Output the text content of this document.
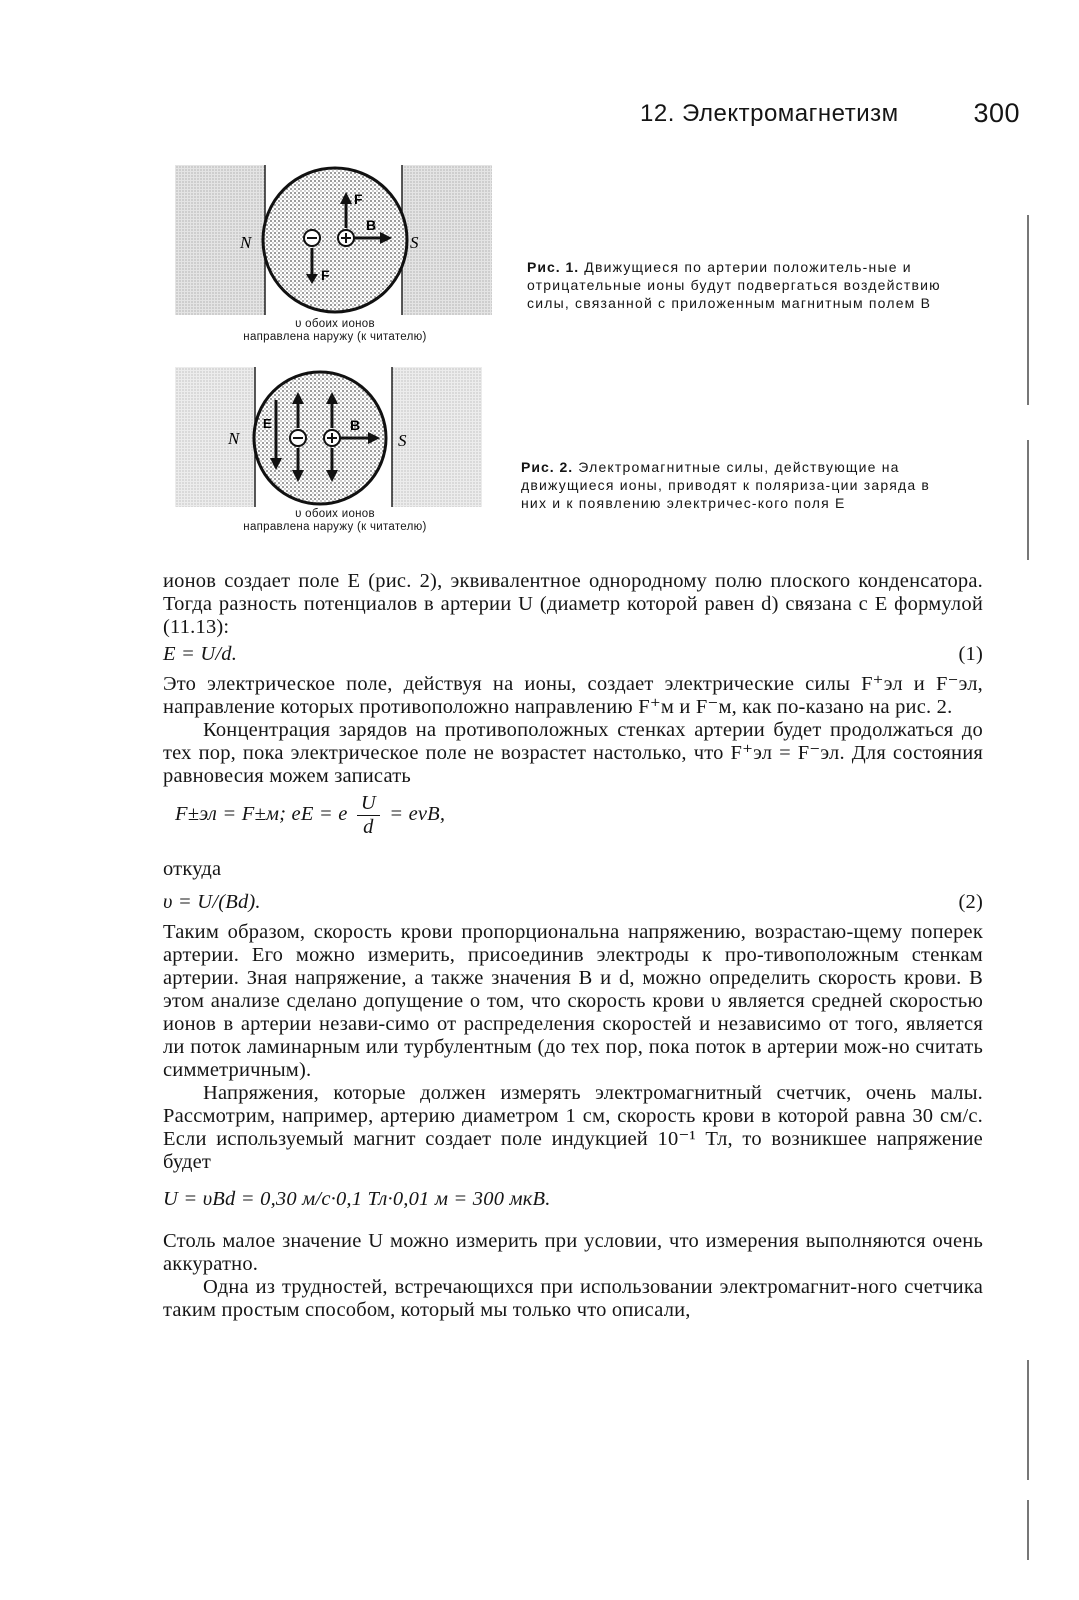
12. Электромагнетизм	300
N	S
F
F
B
υ обоих ионов
направлена наружу (к читателю)
Рис. 1. Движущиеся по артерии положитель-ные и отрицательные ионы будут подвергаться воздействию силы, связанной с приложенным магнитным полем B
N	S
E	B
υ обоих ионов
направлена наружу (к читателю)
Рис. 2. Электромагнитные силы, действующие на движущиеся ионы, приводят к поляриза-ции заряда в них и к появлению электричес-кого поля E

ионов создает поле E (рис. 2), эквивалентное однородному полю плоского конденсатора. Тогда разность потенциалов в артерии U (диаметр которой равен d) связана с E формулой (11.13):

E = U/d.	(1)

Это электрическое поле, действуя на ионы, создает электрические силы F⁺эл и F⁻эл, направление которых противоположно направлению F⁺м и F⁻м, как по-казано на рис. 2.

Концентрация зарядов на противоположных стенках артерии будет продолжаться до тех пор, пока электрическое поле не возрастет настолько, что F⁺эл = F⁻эл. Для состояния равновесия можем записать

F±эл = F±м; eE = e $\frac{U}{d}$ = evB,

откуда

υ = U/(Bd).	(2)

Таким образом, скорость крови пропорциональна напряжению, возрастаю-щему поперек артерии. Его можно измерить, присоединив электроды к про-тивоположным стенкам артерии. Зная напряжение, а также значения B и d, можно определить скорость крови. В этом анализе сделано допущение о том, что скорость крови υ является средней скоростью ионов в артерии незави-симо от распределения скоростей и независимо от того, является ли поток ламинарным или турбулентным (до тех пор, пока поток в артерии мож-но считать симметричным).

Напряжения, которые должен измерять электромагнитный счетчик, очень малы. Рассмотрим, например, артерию диаметром 1 см, скорость крови в которой равна 30 см/с. Если используемый магнит создает поле индукцией 10⁻¹ Тл, то возникшее напряжение будет

U = υBd = 0,30 м/с·0,1 Тл·0,01 м = 300 мкВ.

Столь малое значение U можно измерить при условии, что измерения выполняются очень аккуратно.

Одна из трудностей, встречающихся при использовании электромагнит-ного счетчика таким простым способом, который мы только что описали,
